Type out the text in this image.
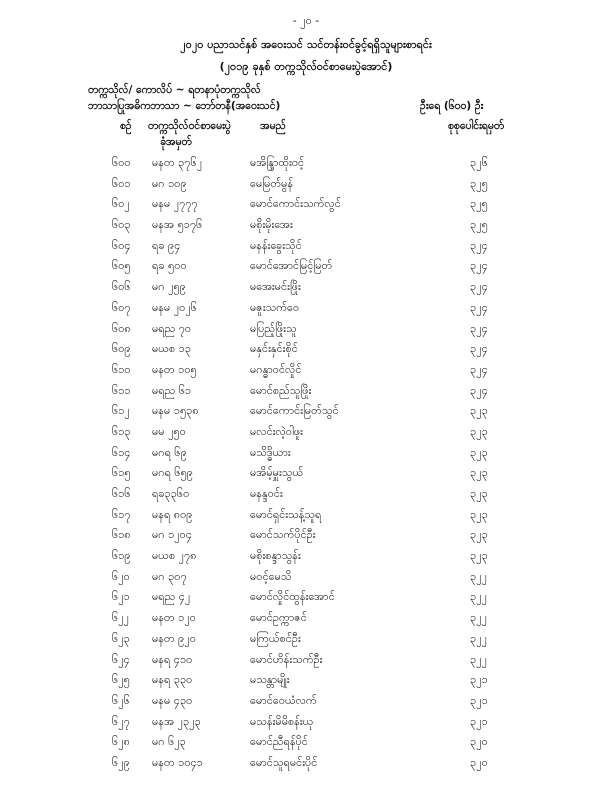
- ၂၀ -
၂၀၂၀ ပညာသင်နှစ် အဝေးသင် သင်တန်းဝင်ခွင့်ရရှိသူများစာရင်း
(၂၀၁၉ ခုနှစ် တက္ကသိုလ်ဝင်စာမေးပွဲအောင်)
တက္ကသိုလ်/ ကောလိပ် ~ ရတနာပုံတက္ကသိုလ်
ဘာသာပြုအဓိကဘာသာ ~ ဘော်တနီ(အဝေးသင်)	ဦးရေ (၆၀၀) ဦး
စဉ် တက္ကသိုလ်ဝင်စာမေးပွဲ
ခုံအမှတ်
အမည်	စုစုပေါင်းရမှတ်
၆၀၀ မနတ ၃၇၆၂	မအိန္ဒြာထိုးဝင့်	၃၂၆
၆၀၁ မဂ ၁၀၉	မေမြတ်မွန်	၃၂၅
၆၀၂ မနမ ၂၇၇၇	မောင်ကောင်းသက်လွင်	၃၂၅
၆၀၃ မနအ ၅၁၇၆	မစိုးမိုးအေး	၃၂၅
၆၀၄ ရခ ၉၄	မနန်းခွေးသိုင်	၃၂၄
၆၀၅ ရခ ၅၀၀	မောင်အောင်မြင့်မြတ်	၃၂၄
၆၀၆ မဂ ၂၅၉	မအေးမင်းဖြိုး	၃၂၄
၆၀၇ မနမ ၂၀၂၆	မဇူးသက်ဝေ	၃၂၄
၆၀၈ မရည ၇၀	မပြည့်ဖြိုးသူ	၃၂၄
၆၀၉ မယစ ၁၃	မနှင်းနှင်းစိုင်	၃၂၄
၆၁၀ မနတ ၁၀၅	မဂန္ဓာဝင်လှိုင်	၃၂၄
၆၁၁ မရည ၆၁	မောင်စည်သူဖြိုး	၃၂၄
၆၁၂ မနမ ၁၅၃၈	မောင်ကောင်းမြတ်သွင်	၃၂၃
၆၁၃ မမ ၂၅၀	မလင်းလဲ့ဝါဖူး	၃၂၃
၆၁၄ မဂရ ၆၉	မသိဒ္ဓိယား	၃၂၃
၆၁၅ မဂရ ၆၅၉	မအိမ့်မှူးသွယ်	၃၂၃
၆၁၆ ရခ၃၃၆၀	မနန္ဒဝင်း	၃၂၃
၆၁၇ မနရ ၈၀၉	မောင်ရှင်းသန့်သူရ	၃၂၃
၆၁၈ မဂ ၁၂၀၄	မောင်သက်ပိုင်ဦး	၃၂၃
၆၁၉ မယစ ၂၇၈	မစိုးစန္ဒာသွန်း	၃၂၃
၆၂၀ မဂ ၃၀၇	မဝင့်မေသိ	၃၂၂
၆၂၁ မရည ၄၂	မောင်လှိုင်ထွန်းအောင်	၃၂၂
၆၂၂ မနတ ၁၂၀	မောင်ဥက္ကာဇင်	၃၂၂
၆၂၃ မနတ ၉၂၀	မကြယ်စင်ဦး	၃၂၂
၆၂၄ မနရ ၄၁၀	မောင်ဟိန်းသက်ဦး	၃၂၂
၆၂၅ မနရ ၃၃၀	မသန္တာမျိုး	၃၂၁
၆၂၆ မနမ ၄၃၀	မောင်ဝေယံလက်	၃၂၁
၆၂၇ မနအ ၂၃၂၃	မသန်းမိမိစန်းယု	၃၂၁
၆၂၈ မဂ ၆၂၃	မောင်ညီရန်ပိုင်	၃၂၀
၆၂၉ မနတ ၁၀၄၁	မောင်သူရမင်းပိုင်	၃၂၀
